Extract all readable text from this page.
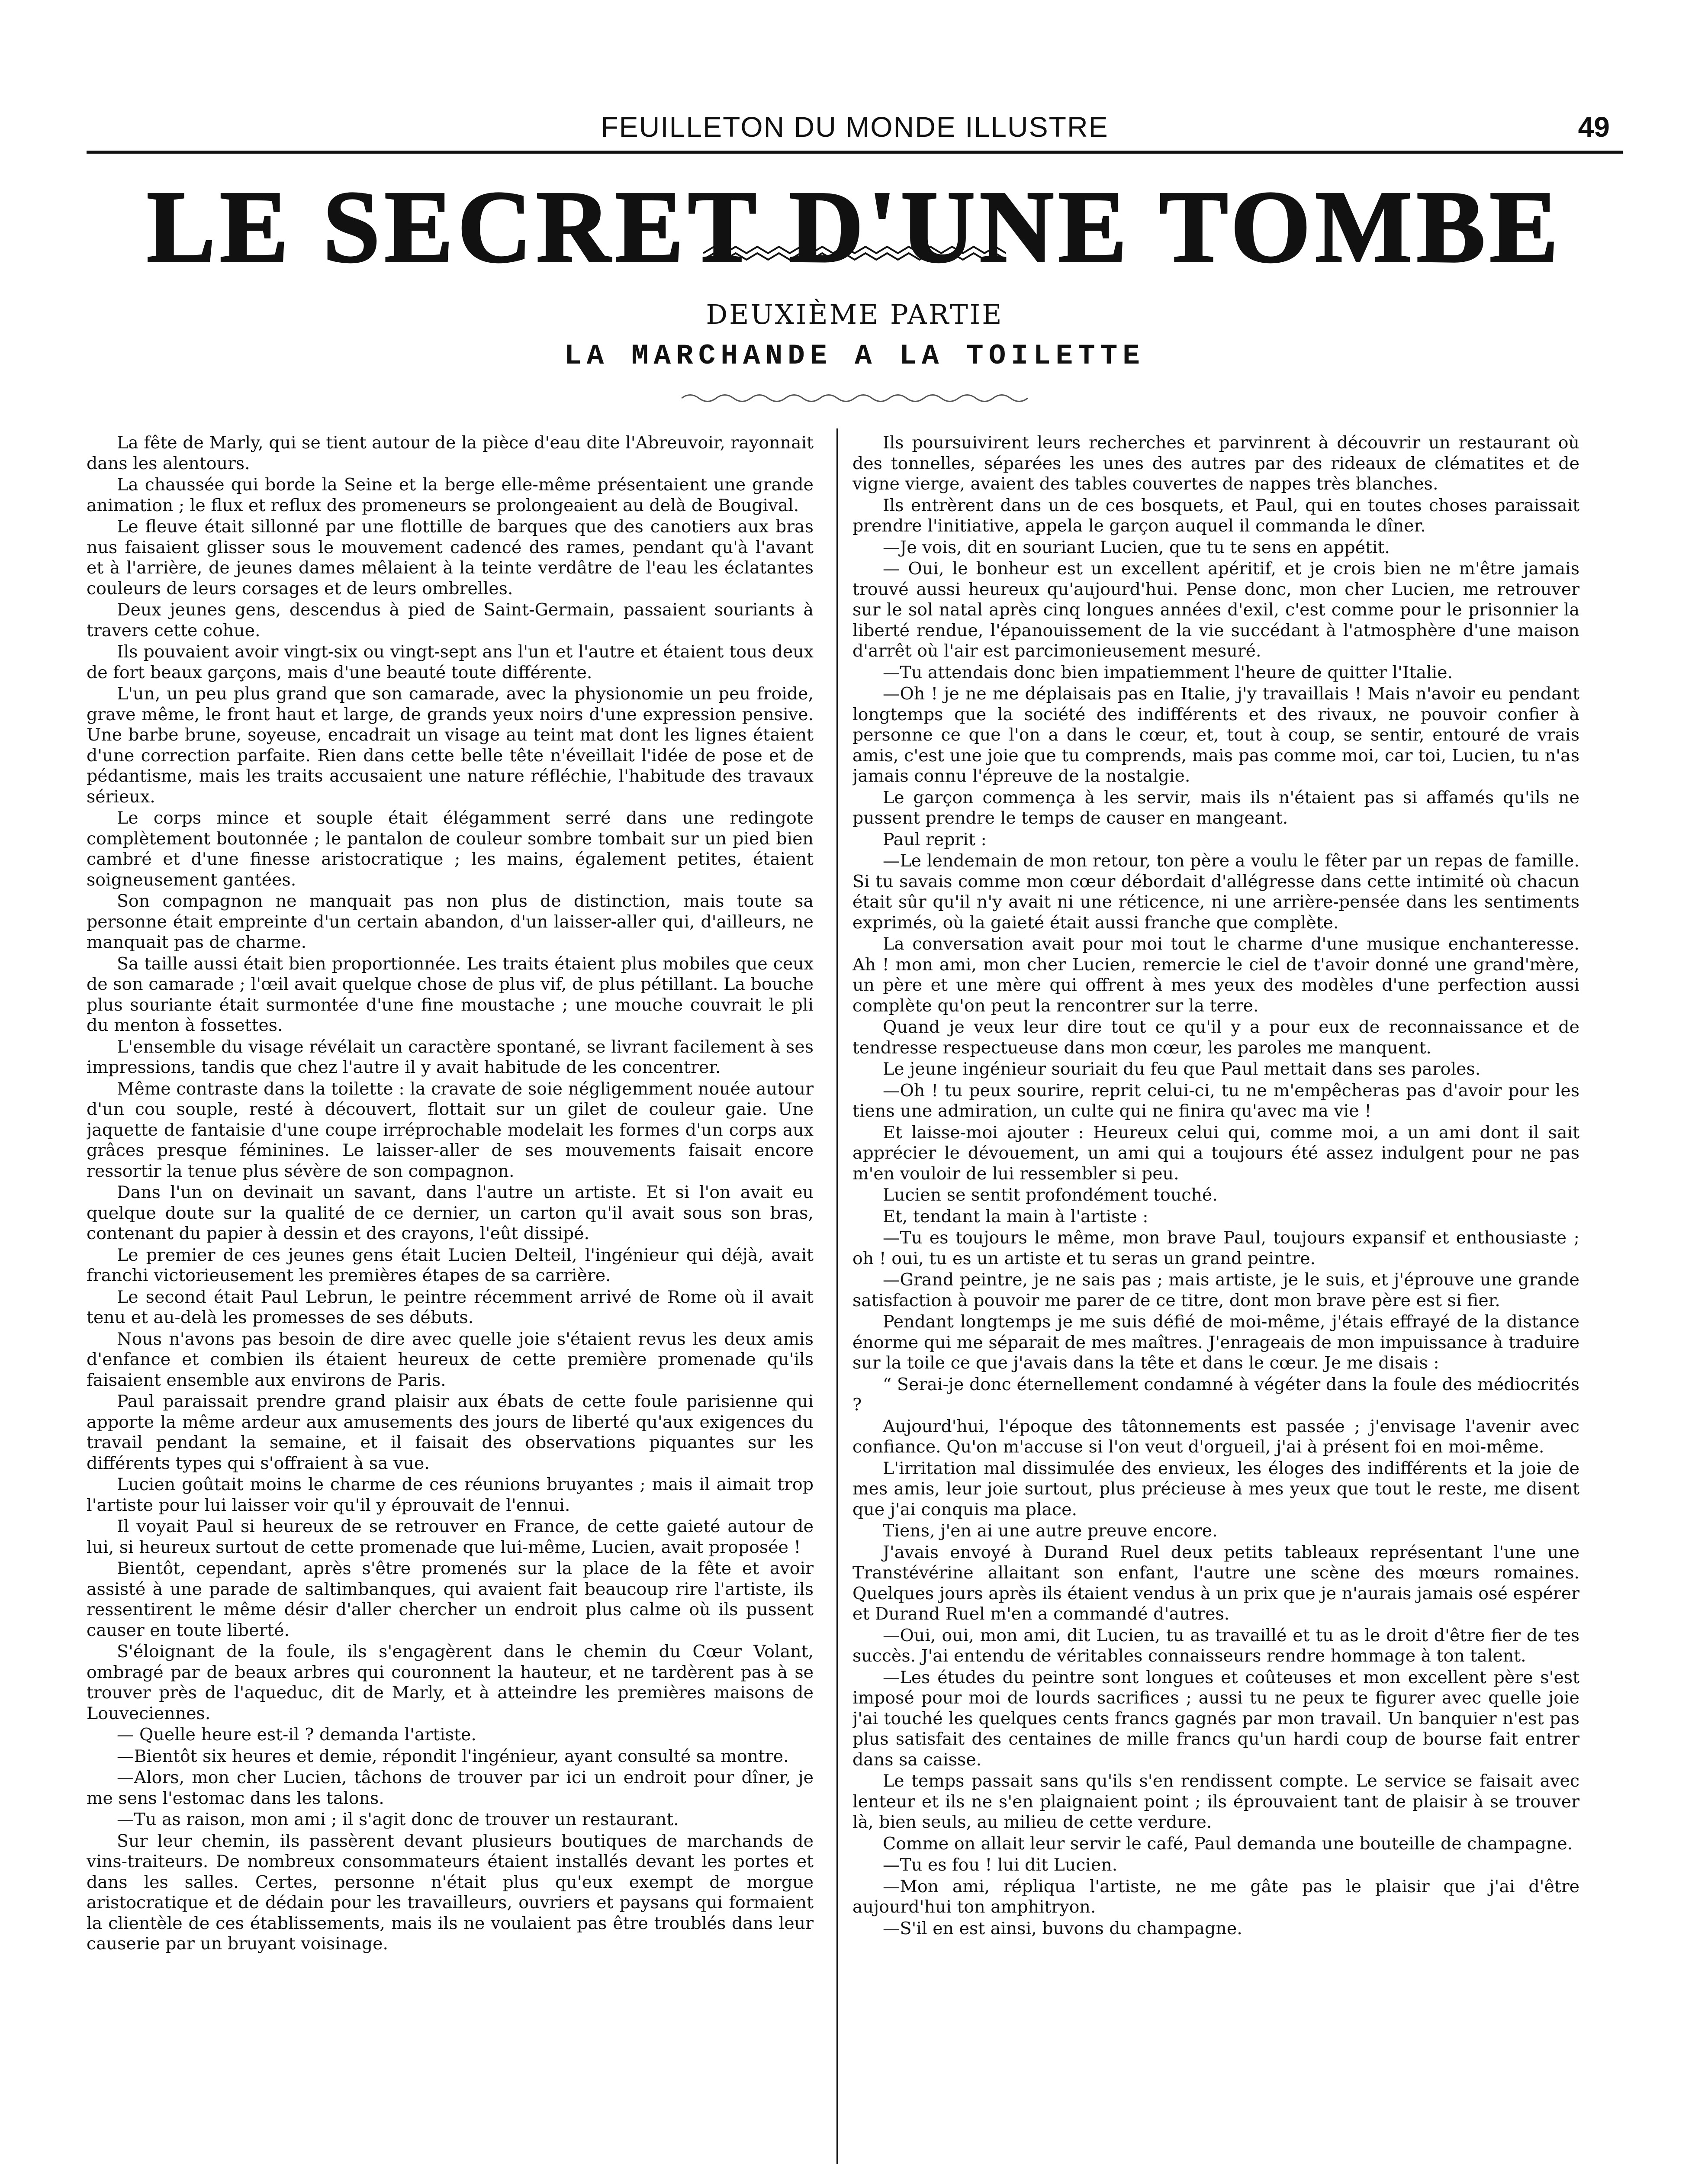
FEUILLETON DU MONDE ILLUSTRE	49
LE SECRET D'UNE TOMBE
DEUXIÈME PARTIE
LA MARCHANDE A LA TOILETTE

La fête de Marly, qui se tient autour de la pièce d'eau dite l'Abreuvoir, rayonnait dans les alentours.

La chaussée qui borde la Seine et la berge elle-même présentaient une grande animation ; le flux et reflux des promeneurs se prolongeaient au delà de Bougival.

Le fleuve était sillonné par une flottille de barques que des canotiers aux bras nus faisaient glisser sous le mouvement cadencé des rames, pendant qu'à l'avant et à l'arrière, de jeunes dames mêlaient à la teinte verdâtre de l'eau les éclatantes couleurs de leurs corsages et de leurs ombrelles.

Deux jeunes gens, descendus à pied de Saint-Germain, passaient souriants à travers cette cohue.

Ils pouvaient avoir vingt-six ou vingt-sept ans l'un et l'autre et étaient tous deux de fort beaux garçons, mais d'une beauté toute différente.

L'un, un peu plus grand que son camarade, avec la physionomie un peu froide, grave même, le front haut et large, de grands yeux noirs d'une expression pensive. Une barbe brune, soyeuse, encadrait un visage au teint mat dont les lignes étaient d'une correction parfaite. Rien dans cette belle tête n'éveillait l'idée de pose et de pédantisme, mais les traits accusaient une nature réfléchie, l'habitude des travaux sérieux.

Le corps mince et souple était élégamment serré dans une redingote complètement boutonnée ; le pantalon de couleur sombre tombait sur un pied bien cambré et d'une finesse aristocratique ; les mains, également petites, étaient soigneusement gantées.

Son compagnon ne manquait pas non plus de distinction, mais toute sa personne était empreinte d'un certain abandon, d'un laisser-aller qui, d'ailleurs, ne manquait pas de charme.

Sa taille aussi était bien proportionnée. Les traits étaient plus mobiles que ceux de son camarade ; l'œil avait quelque chose de plus vif, de plus pétillant. La bouche plus souriante était surmontée d'une fine moustache ; une mouche couvrait le pli du menton à fossettes.

L'ensemble du visage révélait un caractère spontané, se livrant facilement à ses impressions, tandis que chez l'autre il y avait habitude de les concentrer.

Même contraste dans la toilette : la cravate de soie négligemment nouée autour d'un cou souple, resté à découvert, flottait sur un gilet de couleur gaie. Une jaquette de fantaisie d'une coupe irréprochable modelait les formes d'un corps aux grâces presque féminines. Le laisser-aller de ses mouvements faisait encore ressortir la tenue plus sévère de son compagnon.

Dans l'un on devinait un savant, dans l'autre un artiste. Et si l'on avait eu quelque doute sur la qualité de ce dernier, un carton qu'il avait sous son bras, contenant du papier à dessin et des crayons, l'eût dissipé.

Le premier de ces jeunes gens était Lucien Delteil, l'ingénieur qui déjà, avait franchi victorieusement les premières étapes de sa carrière.

Le second était Paul Lebrun, le peintre récemment arrivé de Rome où il avait tenu et au-delà les promesses de ses débuts.

Nous n'avons pas besoin de dire avec quelle joie s'étaient revus les deux amis d'enfance et combien ils étaient heureux de cette première promenade qu'ils faisaient ensemble aux environs de Paris.

Paul paraissait prendre grand plaisir aux ébats de cette foule parisienne qui apporte la même ardeur aux amusements des jours de liberté qu'aux exigences du travail pendant la semaine, et il faisait des observations piquantes sur les différents types qui s'offraient à sa vue.

Lucien goûtait moins le charme de ces réunions bruyantes ; mais il aimait trop l'artiste pour lui laisser voir qu'il y éprouvait de l'ennui.

Il voyait Paul si heureux de se retrouver en France, de cette gaieté autour de lui, si heureux surtout de cette promenade que lui-même, Lucien, avait proposée !

Bientôt, cependant, après s'être promenés sur la place de la fête et avoir assisté à une parade de saltimbanques, qui avaient fait beaucoup rire l'artiste, ils ressentirent le même désir d'aller chercher un endroit plus calme où ils pussent causer en toute liberté.

S'éloignant de la foule, ils s'engagèrent dans le chemin du Cœur Volant, ombragé par de beaux arbres qui couronnent la hauteur, et ne tardèrent pas à se trouver près de l'aqueduc, dit de Marly, et à atteindre les premières maisons de Louveciennes.

— Quelle heure est-il ? demanda l'artiste.

—Bientôt six heures et demie, répondit l'ingénieur, ayant consulté sa montre.

—Alors, mon cher Lucien, tâchons de trouver par ici un endroit pour dîner, je me sens l'estomac dans les talons.

—Tu as raison, mon ami ; il s'agit donc de trouver un restaurant.

Sur leur chemin, ils passèrent devant plusieurs boutiques de marchands de vins-traiteurs. De nombreux consommateurs étaient installés devant les portes et dans les salles. Certes, personne n'était plus qu'eux exempt de morgue aristocratique et de dédain pour les travailleurs, ouvriers et paysans qui formaient la clientèle de ces établissements, mais ils ne voulaient pas être troublés dans leur causerie par un bruyant voisinage.

Ils poursuivirent leurs recherches et parvinrent à découvrir un restaurant où des tonnelles, séparées les unes des autres par des rideaux de clématites et de vigne vierge, avaient des tables couvertes de nappes très blanches.

Ils entrèrent dans un de ces bosquets, et Paul, qui en toutes choses paraissait prendre l'initiative, appela le garçon auquel il commanda le dîner.

—Je vois, dit en souriant Lucien, que tu te sens en appétit.

— Oui, le bonheur est un excellent apéritif, et je crois bien ne m'être jamais trouvé aussi heureux qu'aujourd'hui. Pense donc, mon cher Lucien, me retrouver sur le sol natal après cinq longues années d'exil, c'est comme pour le prisonnier la liberté rendue, l'épanouissement de la vie succédant à l'atmosphère d'une maison d'arrêt où l'air est parcimonieusement mesuré.

—Tu attendais donc bien impatiemment l'heure de quitter l'Italie.

—Oh ! je ne me déplaisais pas en Italie, j'y travaillais ! Mais n'avoir eu pendant longtemps que la société des indifférents et des rivaux, ne pouvoir confier à personne ce que l'on a dans le cœur, et, tout à coup, se sentir, entouré de vrais amis, c'est une joie que tu comprends, mais pas comme moi, car toi, Lucien, tu n'as jamais connu l'épreuve de la nostalgie.

Le garçon commença à les servir, mais ils n'étaient pas si affamés qu'ils ne pussent prendre le temps de causer en mangeant.

Paul reprit :

—Le lendemain de mon retour, ton père a voulu le fêter par un repas de famille. Si tu savais comme mon cœur débordait d'allégresse dans cette intimité où chacun était sûr qu'il n'y avait ni une réticence, ni une arrière-pensée dans les sentiments exprimés, où la gaieté était aussi franche que complète.

La conversation avait pour moi tout le charme d'une musique enchanteresse. Ah ! mon ami, mon cher Lucien, remercie le ciel de t'avoir donné une grand'mère, un père et une mère qui offrent à mes yeux des modèles d'une perfection aussi complète qu'on peut la rencontrer sur la terre.

Quand je veux leur dire tout ce qu'il y a pour eux de reconnaissance et de tendresse respectueuse dans mon cœur, les paroles me manquent.

Le jeune ingénieur souriait du feu que Paul mettait dans ses paroles.

—Oh ! tu peux sourire, reprit celui-ci, tu ne m'empêcheras pas d'avoir pour les tiens une admiration, un culte qui ne finira qu'avec ma vie !

Et laisse-moi ajouter : Heureux celui qui, comme moi, a un ami dont il sait apprécier le dévouement, un ami qui a toujours été assez indulgent pour ne pas m'en vouloir de lui ressembler si peu.

Lucien se sentit profondément touché.

Et, tendant la main à l'artiste :

—Tu es toujours le même, mon brave Paul, toujours expansif et enthousiaste ; oh ! oui, tu es un artiste et tu seras un grand peintre.

—Grand peintre, je ne sais pas ; mais artiste, je le suis, et j'éprouve une grande satisfaction à pouvoir me parer de ce titre, dont mon brave père est si fier.

Pendant longtemps je me suis défié de moi-même, j'étais effrayé de la distance énorme qui me séparait de mes maîtres. J'enrageais de mon impuissance à traduire sur la toile ce que j'avais dans la tête et dans le cœur. Je me disais :

“ Serai-je donc éternellement condamné à végéter dans la foule des médiocrités ?

Aujourd'hui, l'époque des tâtonnements est passée ; j'envisage l'avenir avec confiance. Qu'on m'accuse si l'on veut d'orgueil, j'ai à présent foi en moi-même.

L'irritation mal dissimulée des envieux, les éloges des indifférents et la joie de mes amis, leur joie surtout, plus précieuse à mes yeux que tout le reste, me disent que j'ai conquis ma place.

Tiens, j'en ai une autre preuve encore.

J'avais envoyé à Durand Ruel deux petits tableaux représentant l'une une Transtévérine allaitant son enfant, l'autre une scène des mœurs romaines. Quelques jours après ils étaient vendus à un prix que je n'aurais jamais osé espérer et Durand Ruel m'en a commandé d'autres.

—Oui, oui, mon ami, dit Lucien, tu as travaillé et tu as le droit d'être fier de tes succès. J'ai entendu de véritables connaisseurs rendre hommage à ton talent.

—Les études du peintre sont longues et coûteuses et mon excellent père s'est imposé pour moi de lourds sacrifices ; aussi tu ne peux te figurer avec quelle joie j'ai touché les quelques cents francs gagnés par mon travail. Un banquier n'est pas plus satisfait des centaines de mille francs qu'un hardi coup de bourse fait entrer dans sa caisse.

Le temps passait sans qu'ils s'en rendissent compte. Le service se faisait avec lenteur et ils ne s'en plaignaient point ; ils éprouvaient tant de plaisir à se trouver là, bien seuls, au milieu de cette verdure.

Comme on allait leur servir le café, Paul demanda une bouteille de champagne.

—Tu es fou ! lui dit Lucien.

—Mon ami, répliqua l'artiste, ne me gâte pas le plaisir que j'ai d'être aujourd'hui ton amphitryon.

—S'il en est ainsi, buvons du champagne.
